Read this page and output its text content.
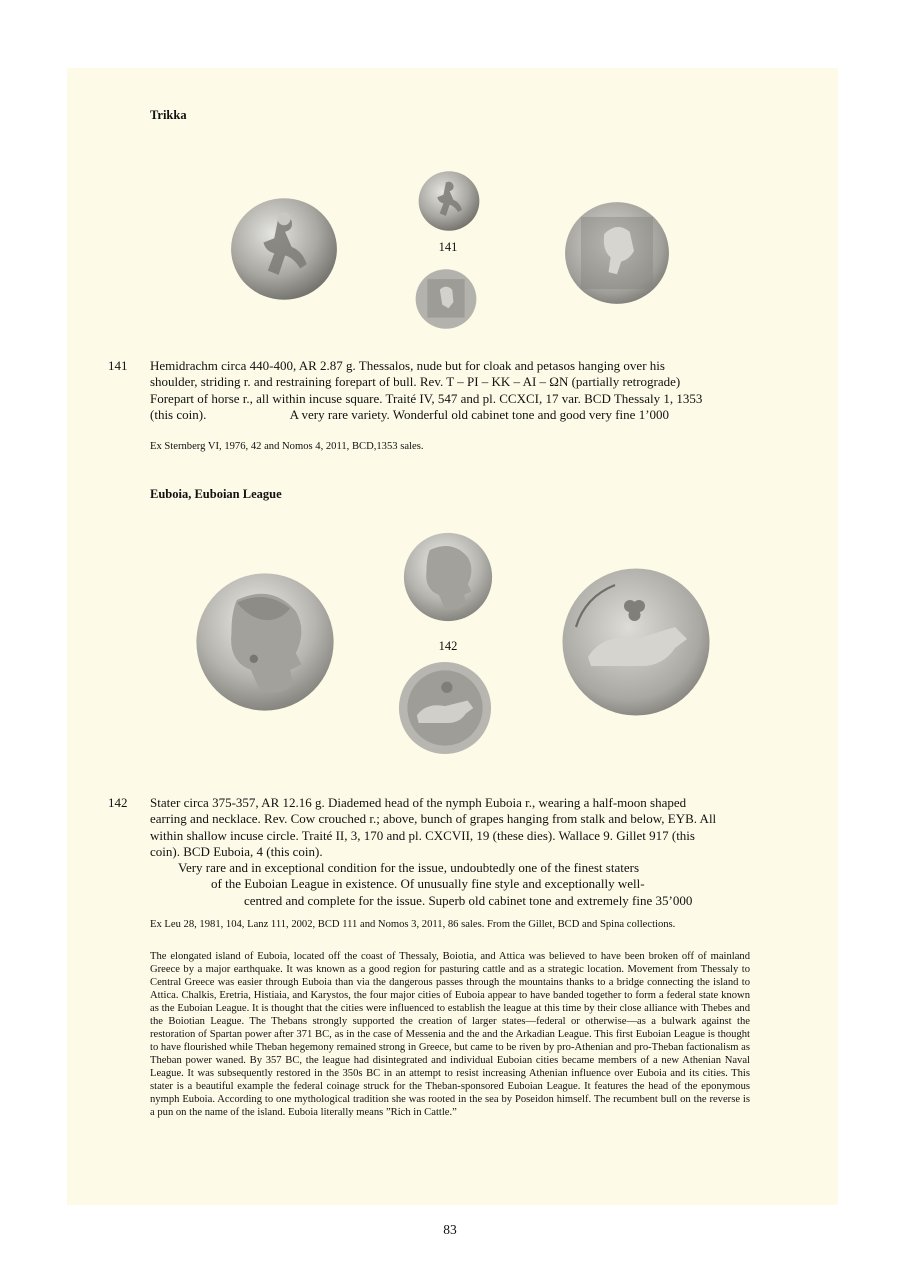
Trikka
141
141 Hemidrachm circa 440-400, AR 2.87 g. Thessalos, nude but for cloak and petasos hanging over his
shoulder, striding r. and restraining forepart of bull. Rev. T – PI – KK – AI – ΩN (partially retrograde)
Forepart of horse r., all within incuse square. Traité IV, 547 and pl. CCXCI, 17 var. BCD Thessaly 1, 1353
(this coin).	A very rare variety. Wonderful old cabinet tone and good very fine 1’000
Ex Sternberg VI, 1976, 42 and Nomos 4, 2011, BCD,1353 sales.
Euboia, Euboian League
142
142 Stater circa 375-357, AR 12.16 g. Diademed head of the nymph Euboia r., wearing a half-moon shaped
earring and necklace. Rev. Cow crouched r.; above, bunch of grapes hanging from stalk and below, EYB. All
within shallow incuse circle. Traité II, 3, 170 and pl. CXCVII, 19 (these dies). Wallace 9. Gillet 917 (this
coin). BCD Euboia, 4 (this coin).
Very rare and in exceptional condition for the issue, undoubtedly one of the finest staters
of the Euboian League in existence. Of unusually fine style and exceptionally well-
centred and complete for the issue. Superb old cabinet tone and extremely fine 35’000
Ex Leu 28, 1981, 104, Lanz 111, 2002, BCD 111 and Nomos 3, 2011, 86 sales. From the Gillet, BCD and Spina collections.
The elongated island of Euboia, located off the coast of Thessaly, Boiotia, and Attica was believed to have been broken off of mainland Greece by a major earthquake. It was known as a good region for pasturing cattle and as a strategic location. Movement from Thessaly to Central Greece was easier through Euboia than via the dangerous passes through the mountains thanks to a bridge connecting the island to Attica. Chalkis, Eretria, Histiaia, and Karystos, the four major cities of Euboia appear to have banded together to form a federal state known as the Euboian League. It is thought that the cities were influenced to establish the league at this time by their close alliance with Thebes and the Boiotian League. The Thebans strongly supported the creation of larger states—federal or otherwise—as a bulwark against the restoration of Spartan power after 371 BC, as in the case of Messenia and the and the Arkadian League. This first Euboian League is thought to have flourished while Theban hegemony remained strong in Greece, but came to be riven by pro-Athenian and pro-Theban factionalism as Theban power waned. By 357 BC, the league had disintegrated and individual Euboian cities became members of a new Athenian Naval League. It was subsequently restored in the 350s BC in an attempt to resist increasing Athenian influence over Euboia and its cities. This stater is a beautiful example the federal coinage struck for the Theban-sponsored Euboian League. It features the head of the eponymous nymph Euboia. According to one mythological tradition she was rooted in the sea by Poseidon himself. The recumbent bull on the reverse is a pun on the name of the island. Euboia literally means ”Rich in Cattle.”
83
